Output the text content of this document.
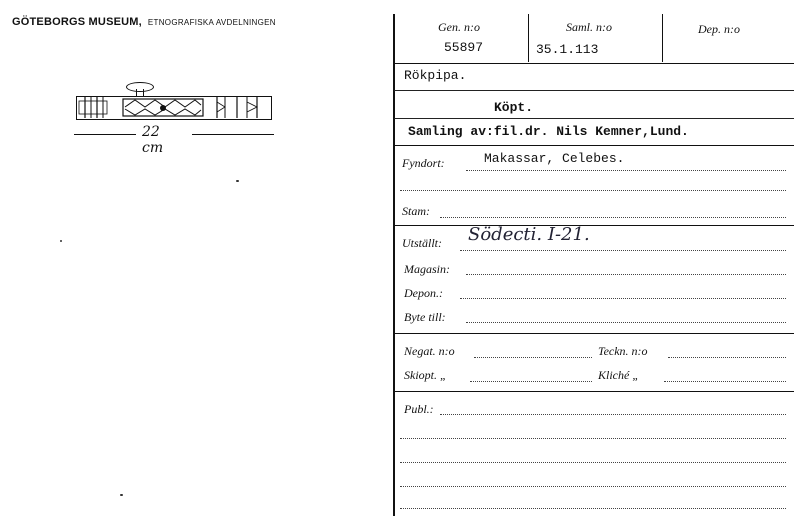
GÖTEBORGS MUSEUM, ETNOGRAFISKA AVDELNINGEN
22 cm
Gen. n:o
55897
Saml. n:o
35.1.113
Dep. n:o
Rökpipa.
Köpt.
Samling av:fil.dr. Nils Kemner,Lund.
Fyndort:	Makassar, Celebes.
Stam:
Utställt: Södecti. I-21.
Magasin:
Depon.:
Byte till:
Negat. n:o	Teckn. n:o
Skiopt. „	Kliché „
Publ.:
